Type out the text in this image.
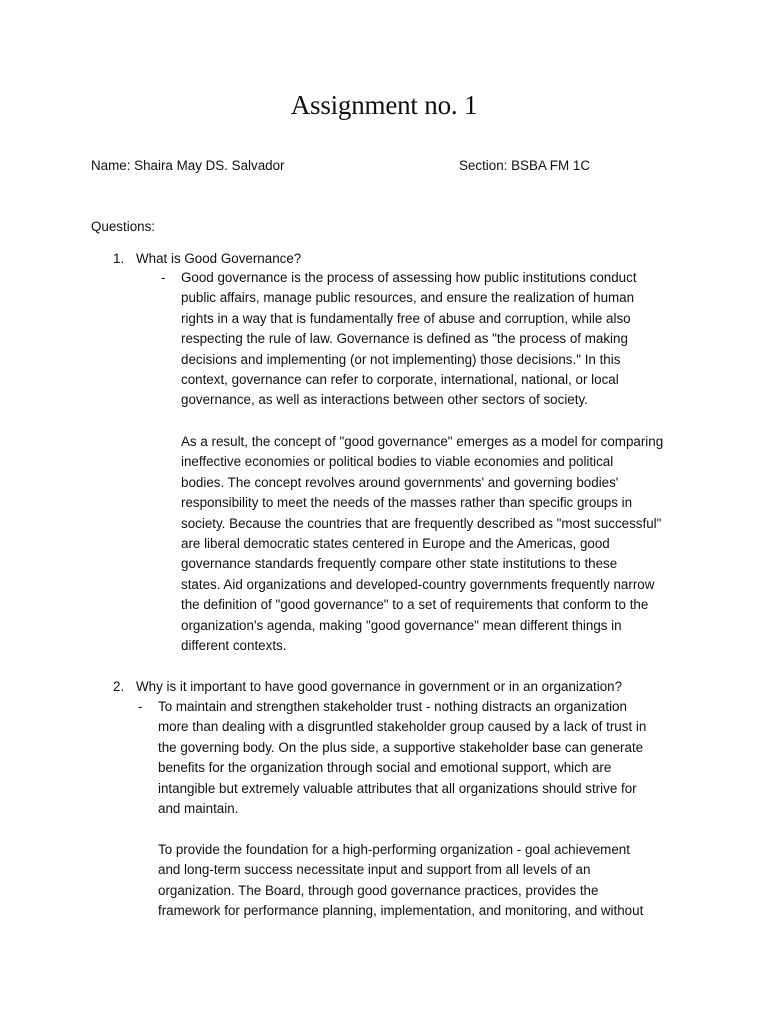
Assignment no. 1
Name: Shaira May DS. Salvador	Section: BSBA FM 1C
Questions:
1. What is Good Governance?
- Good governance is the process of assessing how public institutions conduct
public affairs, manage public resources, and ensure the realization of human
rights in a way that is fundamentally free of abuse and corruption, while also
respecting the rule of law. Governance is defined as "the process of making
decisions and implementing (or not implementing) those decisions." In this
context, governance can refer to corporate, international, national, or local
governance, as well as interactions between other sectors of society.
As a result, the concept of "good governance" emerges as a model for comparing
ineffective economies or political bodies to viable economies and political
bodies. The concept revolves around governments' and governing bodies'
responsibility to meet the needs of the masses rather than specific groups in
society. Because the countries that are frequently described as "most successful"
are liberal democratic states centered in Europe and the Americas, good
governance standards frequently compare other state institutions to these
states. Aid organizations and developed-country governments frequently narrow
the definition of "good governance" to a set of requirements that conform to the
organization's agenda, making "good governance" mean different things in
different contexts.
2. Why is it important to have good governance in government or in an organization?
- To maintain and strengthen stakeholder trust - nothing distracts an organization
more than dealing with a disgruntled stakeholder group caused by a lack of trust in
the governing body. On the plus side, a supportive stakeholder base can generate
benefits for the organization through social and emotional support, which are
intangible but extremely valuable attributes that all organizations should strive for
and maintain.
To provide the foundation for a high-performing organization - goal achievement
and long-term success necessitate input and support from all levels of an
organization. The Board, through good governance practices, provides the
framework for performance planning, implementation, and monitoring, and without
